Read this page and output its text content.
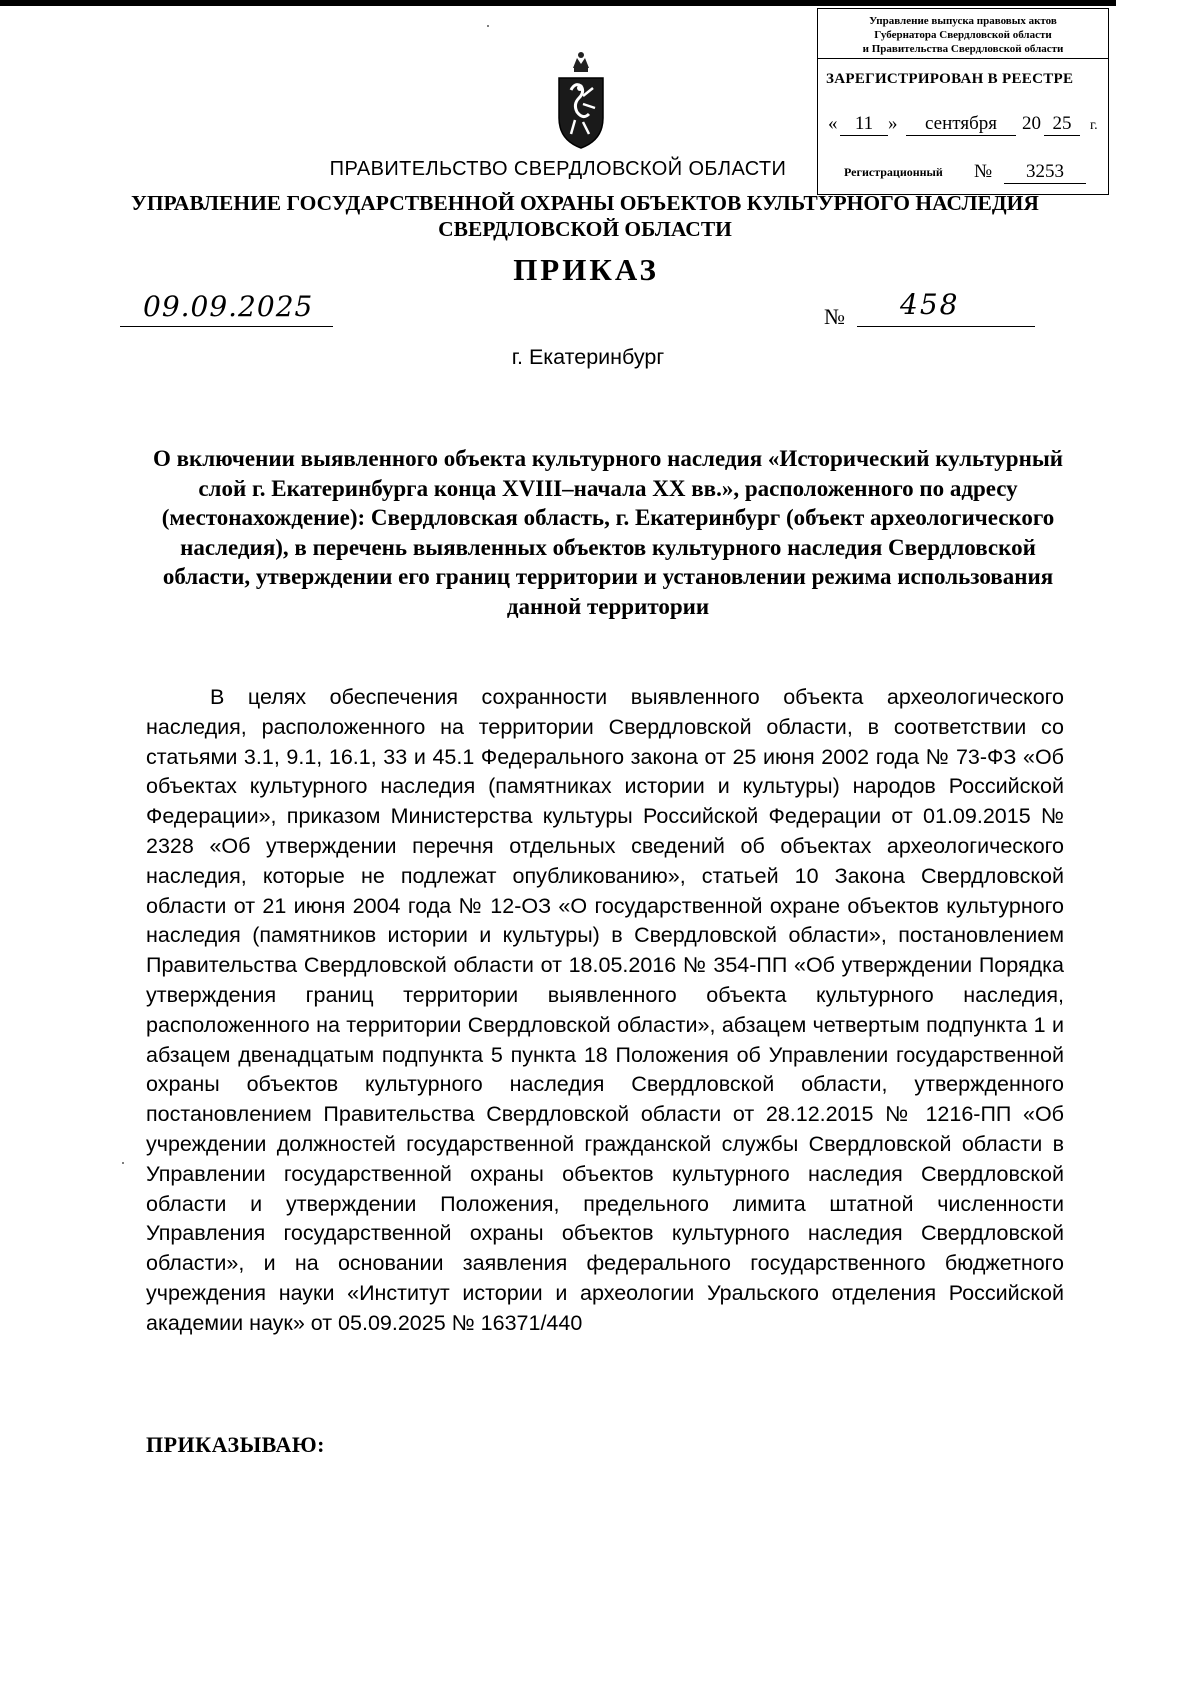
Управление выпуска правовых актов
Губернатора Свердловской области
и Правительства Свердловской области
ЗАРЕГИСТРИРОВАН В РЕЕСТРЕ
« 11 »	сентября	20 25	г.
Регистрационный №	3253
ПРАВИТЕЛЬСТВО СВЕРДЛОВСКОЙ ОБЛАСТИ
УПРАВЛЕНИЕ ГОСУДАРСТВЕННОЙ ОХРАНЫ ОБЪЕКТОВ КУЛЬТУРНОГО НАСЛЕДИЯ
СВЕРДЛОВСКОЙ ОБЛАСТИ
ПРИКАЗ
09.09.2025	№ 458
г. Екатеринбург

О включении выявленного объекта культурного наследия «Исторический культурный слой г. Екатеринбурга конца XVIII–начала XX вв.», расположенного по адресу (местонахождение): Свердловская область, г. Екатеринбург (объект археологического наследия), в перечень выявленных объектов культурного наследия Свердловской области, утверждении его границ территории и установлении режима использования данной территории

В целях обеспечения сохранности выявленного объекта археологического наследия, расположенного на территории Свердловской области, в соответствии со статьями 3.1, 9.1, 16.1, 33 и 45.1 Федерального закона от 25 июня 2002 года № 73-ФЗ «Об объектах культурного наследия (памятниках истории и культуры) народов Российской Федерации», приказом Министерства культуры Российской Федерации от 01.09.2015 № 2328 «Об утверждении перечня отдельных сведений об объектах археологического наследия, которые не подлежат опубликованию», статьей 10 Закона Свердловской области от 21 июня 2004 года № 12-ОЗ «О государственной охране объектов культурного наследия (памятников истории и культуры) в Свердловской области», постановлением Правительства Свердловской области от 18.05.2016 № 354-ПП «Об утверждении Порядка утверждения границ территории выявленного объекта культурного наследия, расположенного на территории Свердловской области», абзацем четвертым подпункта 1 и абзацем двенадцатым подпункта 5 пункта 18 Положения об Управлении государственной охраны объектов культурного наследия Свердловской области, утвержденного постановлением Правительства Свердловской области от 28.12.2015 № 1216-ПП «Об учреждении должностей государственной гражданской службы Свердловской области в Управлении государственной охраны объектов культурного наследия Свердловской области и утверждении Положения, предельного лимита штатной численности Управления государственной охраны объектов культурного наследия Свердловской области», и на основании заявления федерального государственного бюджетного учреждения науки «Институт истории и археологии Уральского отделения Российской академии наук» от 05.09.2025 № 16371/440

ПРИКАЗЫВАЮ:
